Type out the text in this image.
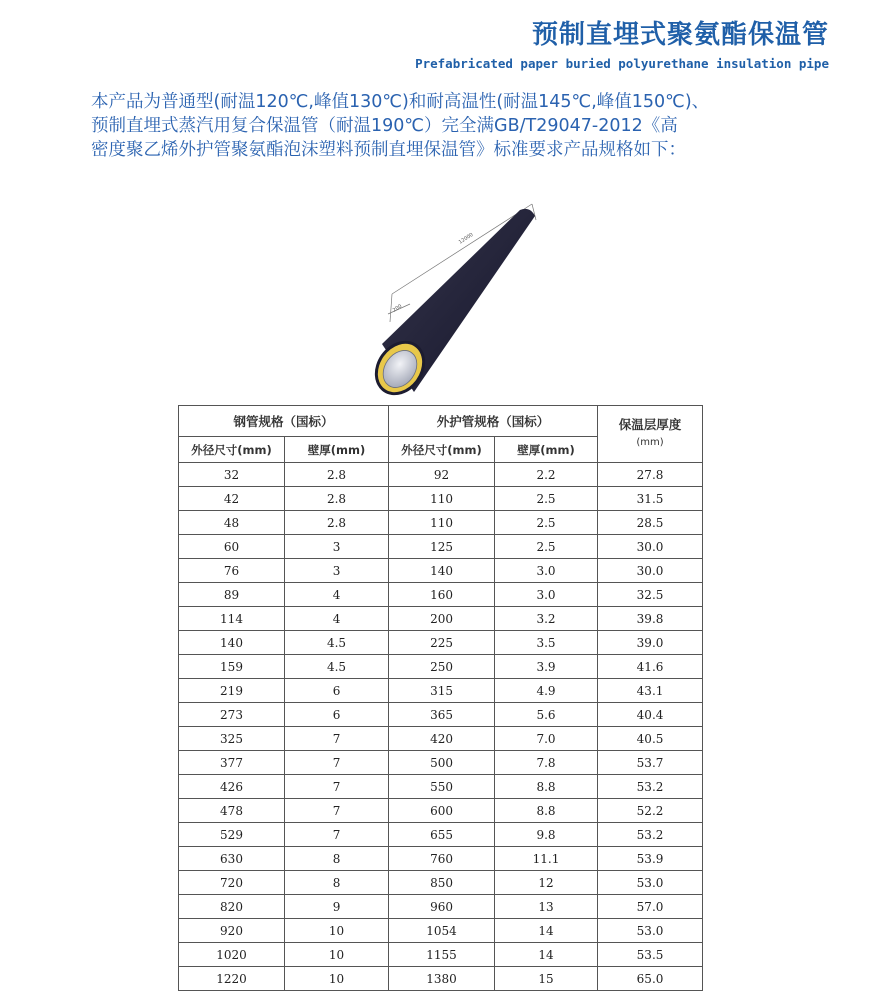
预制直埋式聚氨酯保温管

Prefabricated paper buried polyurethane insulation pipe

本产品为普通型(耐温120℃,峰值130℃)和耐高温性(耐温145℃,峰值150℃)、
预制直埋式蒸汽用复合保温管（耐温190℃）完全满GB/T29047-2012《高
密度聚乙烯外护管聚氨酯泡沫塑料预制直埋保温管》标准要求产品规格如下：
12000
200
钢管规格（国标）		外护管规格（国标）		保温层厚度
(mm)

外径尺寸(mm)	壁厚(mm)	外径尺寸(mm)	壁厚(mm)	
32	2.8	92	2.2	27.8
42	2.8	110	2.5	31.5
48	2.8	110	2.5	28.5
60	3	125	2.5	30.0
76	3	140	3.0	30.0
89	4	160	3.0	32.5
114	4	200	3.2	39.8
140	4.5	225	3.5	39.0
159	4.5	250	3.9	41.6
219	6	315	4.9	43.1
273	6	365	5.6	40.4
325	7	420	7.0	40.5
377	7	500	7.8	53.7
426	7	550	8.8	53.2
478	7	600	8.8	52.2
529	7	655	9.8	53.2
630	8	760	11.1	53.9
720	8	850	12	53.0
820	9	960	13	57.0
920	10	1054	14	53.0
1020	10	1155	14	53.5
1220	10	1380	15	65.0
